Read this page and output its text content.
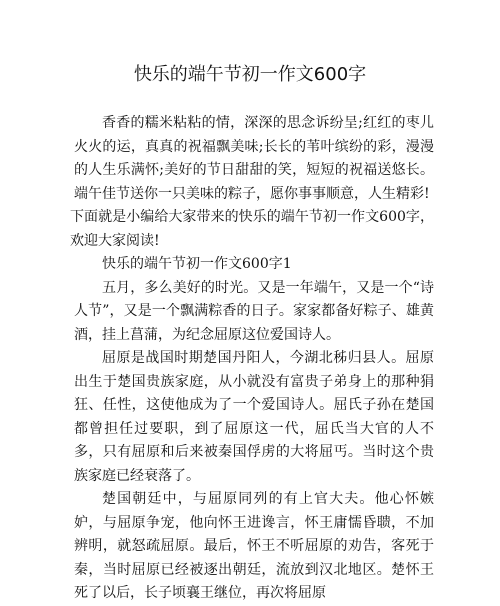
快乐的端午节初一作文600字

香香的糯米粘粘的情，深深的思念诉纷呈;红红的枣儿火火的运，真真的祝福飘美味;长长的苇叶缤纷的彩，漫漫的人生乐满怀;美好的节日甜甜的笑，短短的祝福送悠长。端午佳节送你一只美味的粽子，愿你事事顺意，人生精彩!

下面就是小编给大家带来的快乐的端午节初一作文600字，欢迎大家阅读!

快乐的端午节初一作文600字1

五月，多么美好的时光。又是一年端午，又是一个“诗人节”，又是一个飘满粽香的日子。家家都备好粽子、雄黄酒，挂上菖蒲，为纪念屈原这位爱国诗人。

屈原是战国时期楚国丹阳人，今湖北秭归县人。屈原出生于楚国贵族家庭，从小就没有富贵子弟身上的那种狷狂、任性，这使他成为了一个爱国诗人。屈氏子孙在楚国都曾担任过要职，到了屈原这一代，屈氏当大官的人不多，只有屈原和后来被秦国俘虏的大将屈丐。当时这个贵族家庭已经衰落了。

楚国朝廷中，与屈原同列的有上官大夫。他心怀嫉妒，与屈原争宠，他向怀王进谗言，怀王庸懦昏聩，不加辨明，就怒疏屈原。最后，怀王不听屈原的劝告，客死于秦，当时屈原已经被逐出朝廷，流放到汉北地区。楚怀王死了以后，长子顷襄王继位，再次将屈原
